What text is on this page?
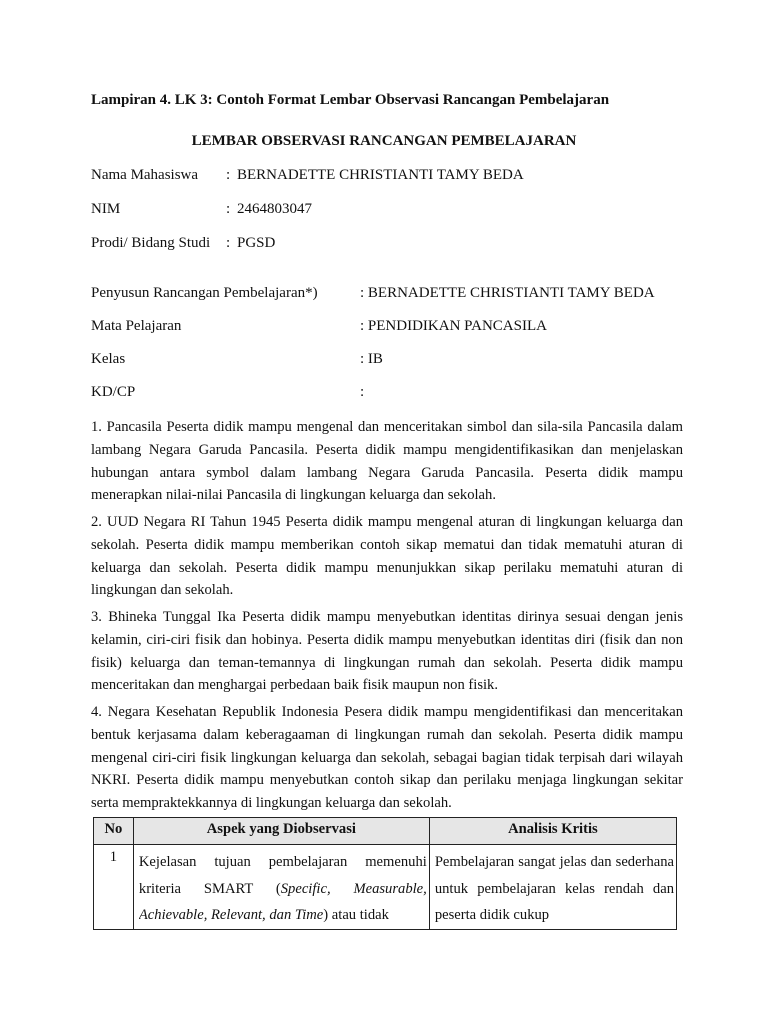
Lampiran 4. LK 3: Contoh Format Lembar Observasi Rancangan Pembelajaran
LEMBAR OBSERVASI RANCANGAN PEMBELAJARAN
Nama Mahasiswa : BERNADETTE CHRISTIANTI TAMY BEDA
NIM	: 2464803047
Prodi/ Bidang Studi : PGSD
Penyusun Rancangan Pembelajaran*)	: BERNADETTE CHRISTIANTI TAMY BEDA
Mata Pelajaran	: PENDIDIKAN PANCASILA
Kelas	: IB
KD/CP	:

1. Pancasila Peserta didik mampu mengenal dan menceritakan simbol dan sila-sila Pancasila dalam lambang Negara Garuda Pancasila. Peserta didik mampu mengidentifikasikan dan menjelaskan hubungan antara symbol dalam lambang Negara Garuda Pancasila. Peserta didik mampu menerapkan nilai-nilai Pancasila di lingkungan keluarga dan sekolah.

2. UUD Negara RI Tahun 1945 Peserta didik mampu mengenal aturan di lingkungan keluarga dan sekolah. Peserta didik mampu memberikan contoh sikap mematui dan tidak mematuhi aturan di keluarga dan sekolah. Peserta didik mampu menunjukkan sikap perilaku mematuhi aturan di lingkungan dan sekolah.

3. Bhineka Tunggal Ika Peserta didik mampu menyebutkan identitas dirinya sesuai dengan jenis kelamin, ciri-ciri fisik dan hobinya. Peserta didik mampu menyebutkan identitas diri (fisik dan non fisik) keluarga dan teman-temannya di lingkungan rumah dan sekolah. Peserta didik mampu menceritakan dan menghargai perbedaan baik fisik maupun non fisik.

4. Negara Kesehatan Republik Indonesia Pesera didik mampu mengidentifikasi dan menceritakan bentuk kerjasama dalam keberagaaman di lingkungan rumah dan sekolah. Peserta didik mampu mengenal ciri-ciri fisik lingkungan keluarga dan sekolah, sebagai bagian tidak terpisah dari wilayah NKRI. Peserta didik mampu menyebutkan contoh sikap dan perilaku menjaga lingkungan sekitar serta mempraktekkannya di lingkungan keluarga dan sekolah.

No	Aspek yang Diobservasi	Analisis Kritis
1	Kejelasan tujuan pembelajaran memenuhi kriteria SMART (Specific, Measurable, Achievable, Relevant, dan Time) atau tidak	Pembelajaran sangat jelas dan sederhana untuk pembelajaran kelas rendah dan peserta didik cukup
